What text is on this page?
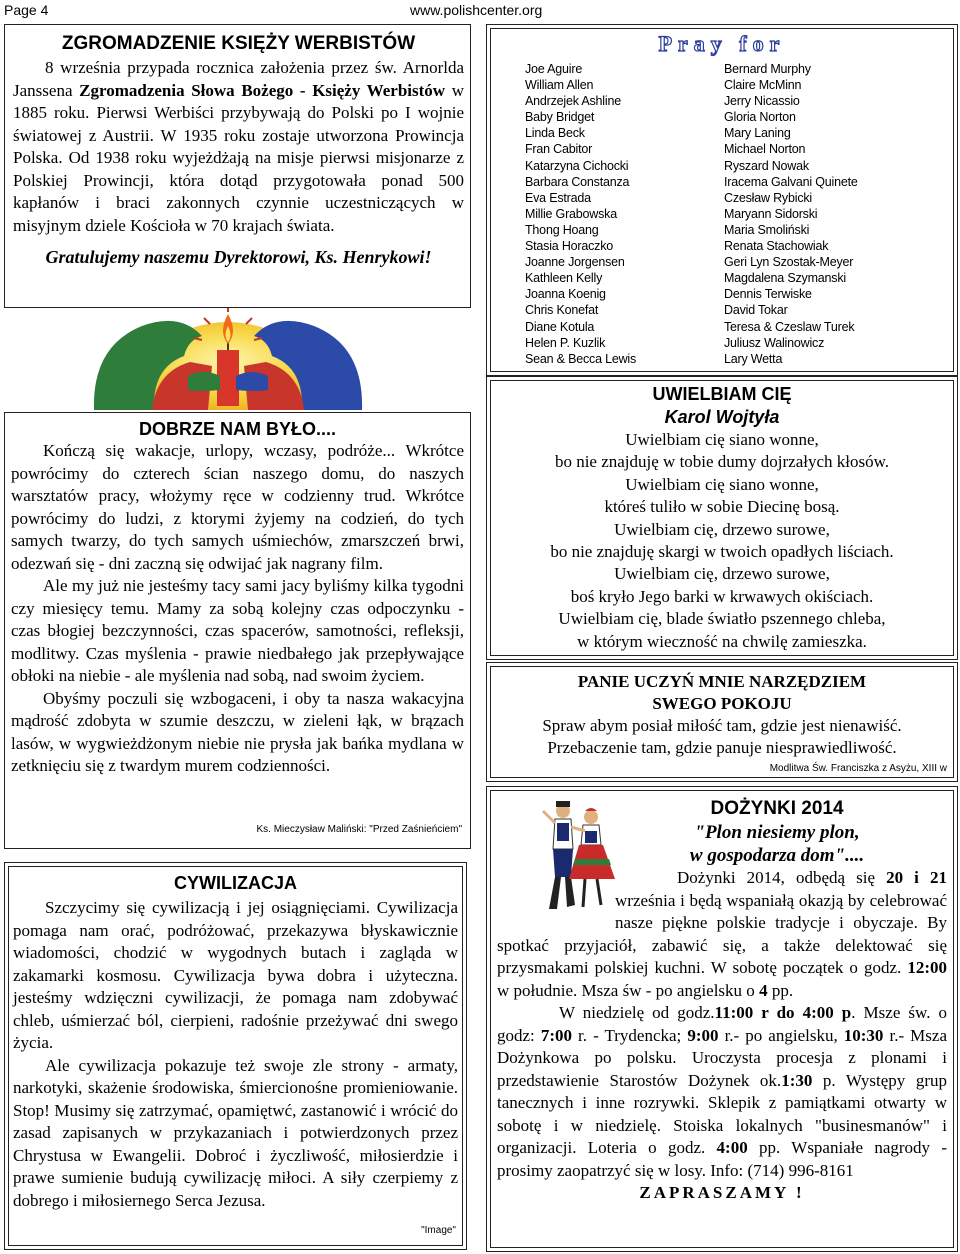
Page 4	www.polishcenter.org
ZGROMADZENIE KSIĘŻY WERBISTÓW

8 września przypada rocznica założenia przez św. Arnorlda Janssena Zgromadzenia Słowa Bożego - Księży Werbistów w 1885 roku. Pierwsi Werbiści przybywają do Polski po I wojnie światowej z Austrii. W 1935 roku zostaje utworzona Prowincja Polska. Od 1938 roku wyjeżdżają na misje pierwsi misjonarze z Polskiej Prowincji, która dotąd przygotowała ponad 500 kapłanów i braci zakonnych czynnie uczestniczących w misyjnym dziele Kościoła w 70 krajach świata.

Gratulujemy naszemu Dyrektorowi, Ks. Henrykowi!

DOBRZE NAM BYŁO....

Kończą się wakacje, urlopy, wczasy, podróże... Wkrótce powrócimy do czterech ścian naszego domu, do naszych warsztatów pracy, włożymy ręce w codzienny trud. Wkrótce powrócimy do ludzi, z ktorymi żyjemy na codzień, do tych samych twarzy, do tych samych uśmiechów, zmarszczeń brwi, odezwań się - dni zaczną się odwijać jak nagrany film.

Ale my już nie jesteśmy tacy sami jacy byliśmy kilka tygodni czy miesięcy temu. Mamy za sobą kolejny czas odpoczynku - czas błogiej bezczynności, czas spacerów, samotności, refleksji, modlitwy. Czas myślenia - prawie niedbałego jak przepływające obłoki na niebie - ale myślenia nad sobą, nad swoim życiem.

Obyśmy poczuli się wzbogaceni, i oby ta nasza wakacyjna mądrość zdobyta w szumie deszczu, w zieleni łąk, w brązach lasów, w wygwieżdżonym niebie nie prysła jak bańka mydlana w zetknięciu się z twardym murem codzienności.

Ks. Mieczysław Maliński: "Przed Zaśnieńciem"
CYWILIZACJA

Szczycimy się cywilizacją i jej osiągnięciami. Cywilizacja pomaga nam orać, podróżować, przekazywa błyskawicznie wiadomości, chodzić w wygodnych butach i zagląda w zakamarki kosmosu. Cywilizacja bywa dobra i użyteczna. jesteśmy wdzięczni cywilizacji, że pomaga nam zdobywać chleb, uśmierzać ból, cierpieni, radośnie przeżywać dni swego życia.

Ale cywilizacja pokazuje też swoje zle strony - armaty, narkotyki, skażenie środowiska, śmiercionośne promieniowanie. Stop! Musimy się zatrzymać, opamiętwć, zastanowić i wrócić do zasad zapisanych w przykazaniach i potwierdzonych przez Chrystusa w Ewangelii. Dobroć i życzliwość, miłosierdzie i prawe sumienie budują cywilizację miłoci. A siły czerpiemy z dobrego i miłosiernego Serca Jezusa.

"Image"
Pray for
Joe Aguire
William Allen
Andrzejek Ashline
Baby Bridget
Linda Beck
Fran Cabitor
Katarzyna Cichocki
Barbara Constanza
Eva Estrada
Millie Grabowska
Thong Hoang
Stasia Horaczko
Joanne Jorgensen
Kathleen Kelly
Joanna Koenig
Chris Konefat
Diane Kotula
Helen P. Kuzlik
Sean & Becca Lewis
Bernard Murphy
Claire McMinn
Jerry Nicassio
Gloria Norton
Mary Laning
Michael Norton
Ryszard Nowak
Iracema Galvani Quinete
Czesław Rybicki
Maryann Sidorski
Maria Smoliński
Renata Stachowiak
Geri Lyn Szostak-Meyer
Magdalena Szymanski
Dennis Terwiske
David Tokar
Teresa & Czeslaw Turek
Juliusz Walinowicz
Lary Wetta
UWIELBIAM CIĘ
Karol Wojtyła
Uwielbiam cię siano wonne,
bo nie znajduję w tobie dumy dojrzałych kłosów.
Uwielbiam cię siano wonne,
któreś tuliło w sobie Diecinę bosą.
Uwielbiam cię, drzewo surowe,
bo nie znajduję skargi w twoich opadłych liściach.
Uwielbiam cię, drzewo surowe,
boś kryło Jego barki w krwawych okiściach.
Uwielbiam cię, blade światło pszennego chleba,
w którym wieczność na chwilę zamieszka.
PANIE UCZYŃ MNIE NARZĘDZIEM
SWEGO POKOJU
Spraw abym posiał miłość tam, gdzie jest nienawiść.
Przebaczenie tam, gdzie panuje niesprawiedliwość.
Modlitwa Św. Franciszka z Asyżu, XIII w
DOŻYNKI 2014
"Plon niesiemy plon,
w gospodarza dom"....

Dożynki 2014, odbędą się 20 i 21 września i będą wspaniałą okazją by celebrować nasze piękne polskie tradycje i obyczaje. By spotkać przyjaciół, zabawić się, a także delektować się przysmakami polskiej kuchni. W sobotę początek o godz. 12:00 w południe. Msza św - po angielsku o 4 pp.

W niedzielę od godz.11:00 r do 4:00 p. Msze św. o godz: 7:00 r. - Trydencka; 9:00 r.- po angielsku, 10:30 r.- Msza Dożynkowa po polsku. Uroczysta procesja z plonami i przedstawienie Starostów Dożynek ok.1:30 p. Występy grup tanecznych i inne rozrywki. Sklepik z pamiątkami otwarty w sobotę i w niedzielę. Stoiska lokalnych "businesmanów" i organizacji. Loteria o godz. 4:00 pp. Wspaniałe nagrody - prosimy zaopatrzyć się w losy. Info: (714) 996-8161

ZAPRASZAMY !
